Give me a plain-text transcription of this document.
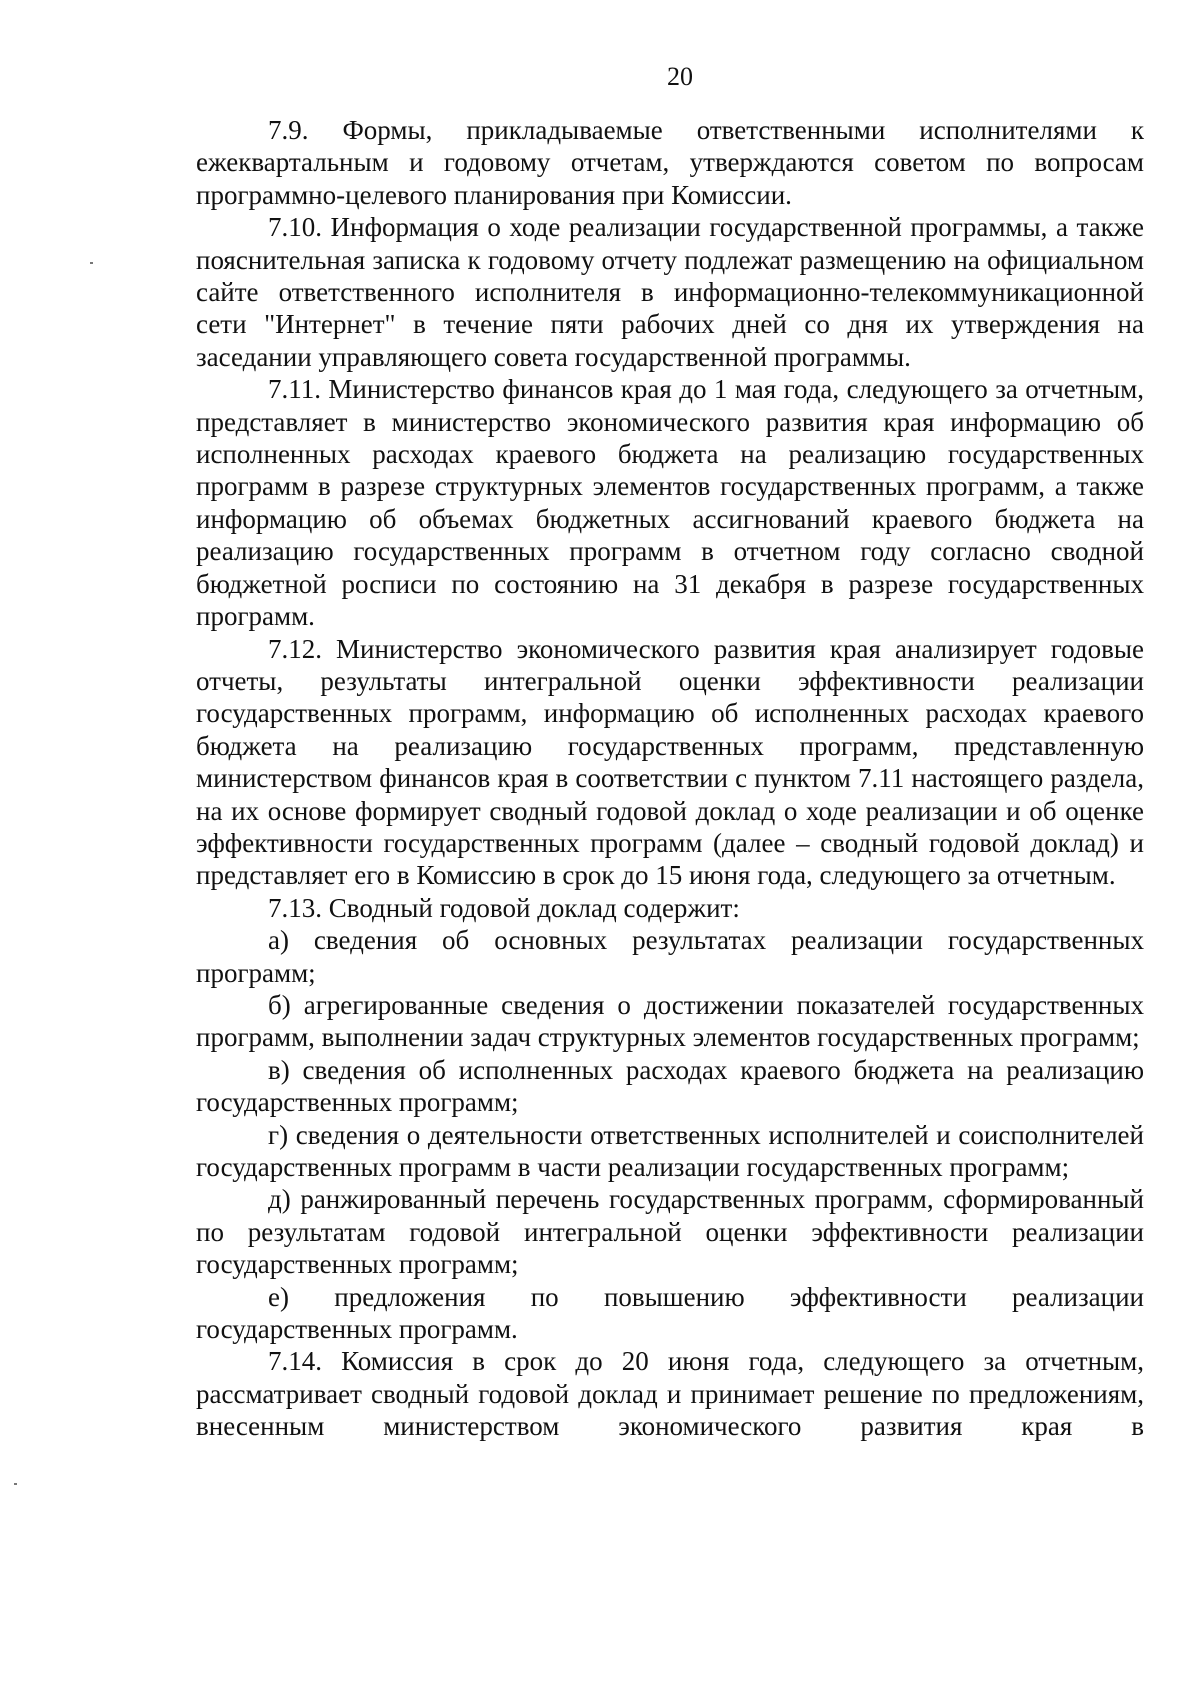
20

7.9. Формы, прикладываемые ответственными исполнителями к ежеквартальным и годовому отчетам, утверждаются советом по вопросам программно-целевого планирования при Комиссии.

7.10. Информация о ходе реализации государственной программы, а также пояснительная записка к годовому отчету подлежат размещению на официальном сайте ответственного исполнителя в информационно-телекоммуникационной сети "Интернет" в течение пяти рабочих дней со дня их утверждения на заседании управляющего совета государственной программы.

7.11. Министерство финансов края до 1 мая года, следующего за отчетным, представляет в министерство экономического развития края информацию об исполненных расходах краевого бюджета на реализацию государственных программ в разрезе структурных элементов государственных программ, а также информацию об объемах бюджетных ассигнований краевого бюджета на реализацию государственных программ в отчетном году согласно сводной бюджетной росписи по состоянию на 31 декабря в разрезе государственных программ.

7.12. Министерство экономического развития края анализирует годовые отчеты, результаты интегральной оценки эффективности реализации государственных программ, информацию об исполненных расходах краевого бюджета на реализацию государственных программ, представленную министерством финансов края в соответствии с пунктом 7.11 настоящего раздела, на их основе формирует сводный годовой доклад о ходе реализации и об оценке эффективности государственных программ (далее – сводный годовой доклад) и представляет его в Комиссию в срок до 15 июня года, следующего за отчетным.

7.13. Сводный годовой доклад содержит:

а) сведения об основных результатах реализации государственных программ;

б) агрегированные сведения о достижении показателей государственных программ, выполнении задач структурных элементов государственных программ;

в) сведения об исполненных расходах краевого бюджета на реализацию государственных программ;

г) сведения о деятельности ответственных исполнителей и соисполнителей государственных программ в части реализации государственных программ;

д) ранжированный перечень государственных программ, сформированный по результатам годовой интегральной оценки эффективности реализации государственных программ;

е) предложения по повышению эффективности реализации государственных программ.

7.14. Комиссия в срок до 20 июня года, следующего за отчетным, рассматривает сводный годовой доклад и принимает решение по предложениям, внесенным министерством экономического развития края в
